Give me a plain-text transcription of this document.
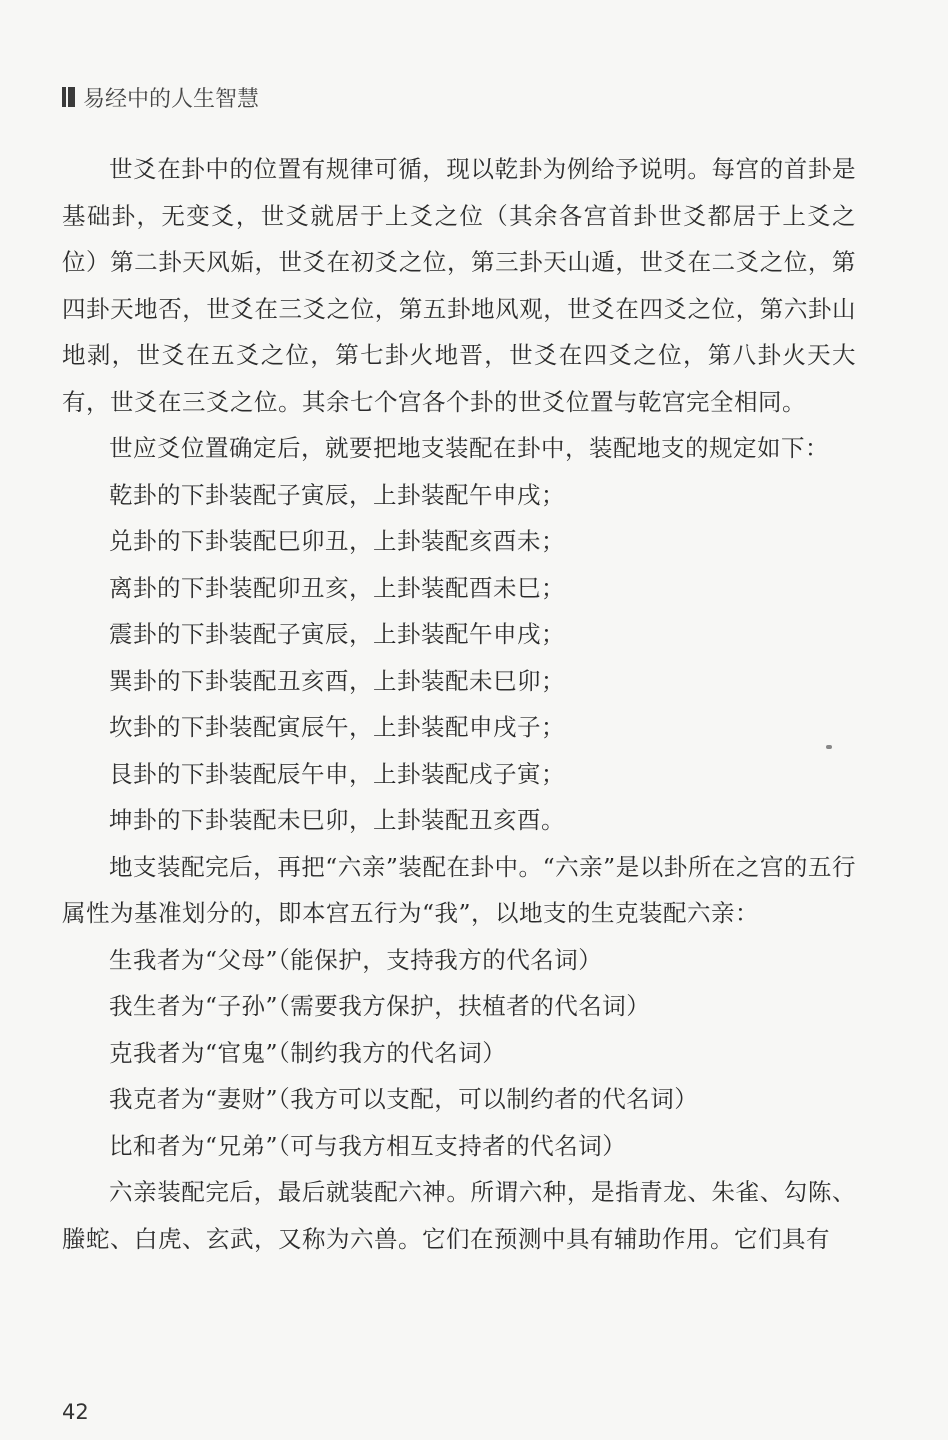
易经中的人生智慧

世爻在卦中的位置有规律可循，现以乾卦为例给予说明。每宫的首卦是基础卦，无变爻，世爻就居于上爻之位（其余各宫首卦世爻都居于上爻之位）第二卦天风姤，世爻在初爻之位，第三卦天山遁，世爻在二爻之位，第四卦天地否，世爻在三爻之位，第五卦地风观，世爻在四爻之位，第六卦山地剥，世爻在五爻之位，第七卦火地晋，世爻在四爻之位，第八卦火天大有，世爻在三爻之位。其余七个宫各个卦的世爻位置与乾宫完全相同。

世应爻位置确定后，就要把地支装配在卦中，装配地支的规定如下：

乾卦的下卦装配子寅辰，上卦装配午申戌；

兑卦的下卦装配巳卯丑，上卦装配亥酉未；

离卦的下卦装配卯丑亥，上卦装配酉未巳；

震卦的下卦装配子寅辰，上卦装配午申戌；

巽卦的下卦装配丑亥酉，上卦装配未巳卯；

坎卦的下卦装配寅辰午，上卦装配申戌子；

艮卦的下卦装配辰午申，上卦装配戌子寅；

坤卦的下卦装配未巳卯，上卦装配丑亥酉。

地支装配完后，再把“六亲”装配在卦中。“六亲”是以卦所在之宫的五行属性为基准划分的，即本宫五行为“我”，以地支的生克装配六亲：

生我者为“父母”（能保护，支持我方的代名词）

我生者为“子孙”（需要我方保护，扶植者的代名词）

克我者为“官鬼”（制约我方的代名词）

我克者为“妻财”（我方可以支配，可以制约者的代名词）

比和者为“兄弟”（可与我方相互支持者的代名词）

六亲装配完后，最后就装配六神。所谓六种，是指青龙、朱雀、勾陈、螣蛇、白虎、玄武，又称为六兽。它们在预测中具有辅助作用。它们具有

42
